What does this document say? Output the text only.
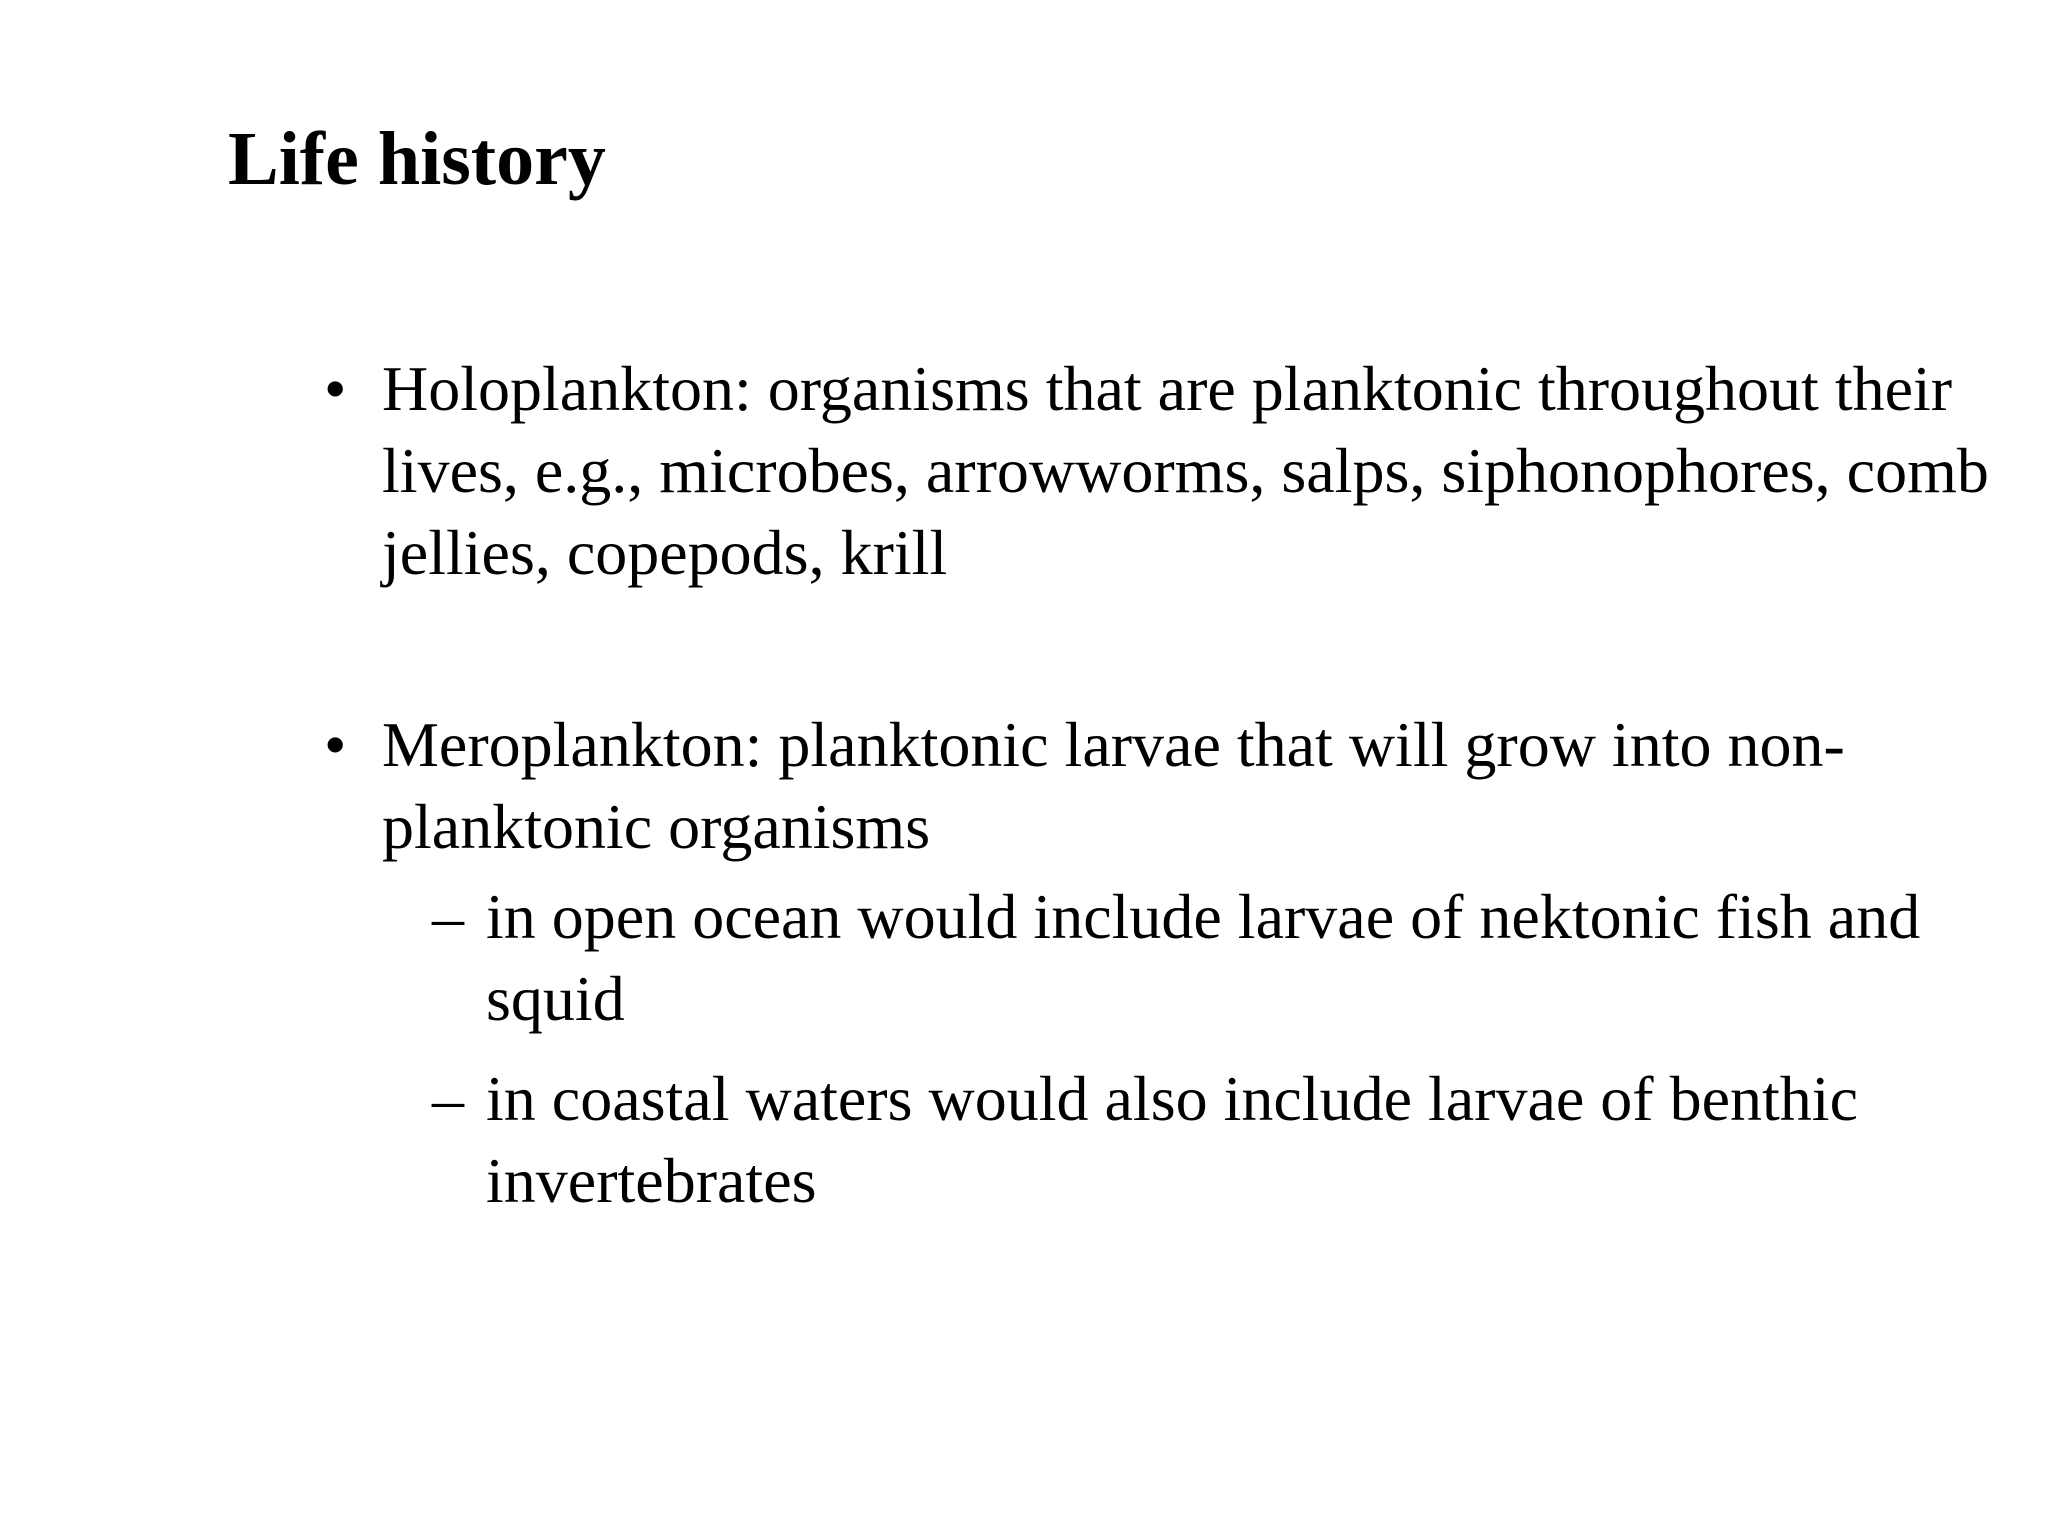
Life history
• Holoplankton: organisms that are planktonic throughout their lives, e.g., microbes, arrowworms, salps, siphonophores, comb jellies, copepods, krill
• Meroplankton: planktonic larvae that will grow into non-planktonic organisms
– in open ocean would include larvae of nektonic fish and squid
– in coastal waters would also include larvae of benthic invertebrates
